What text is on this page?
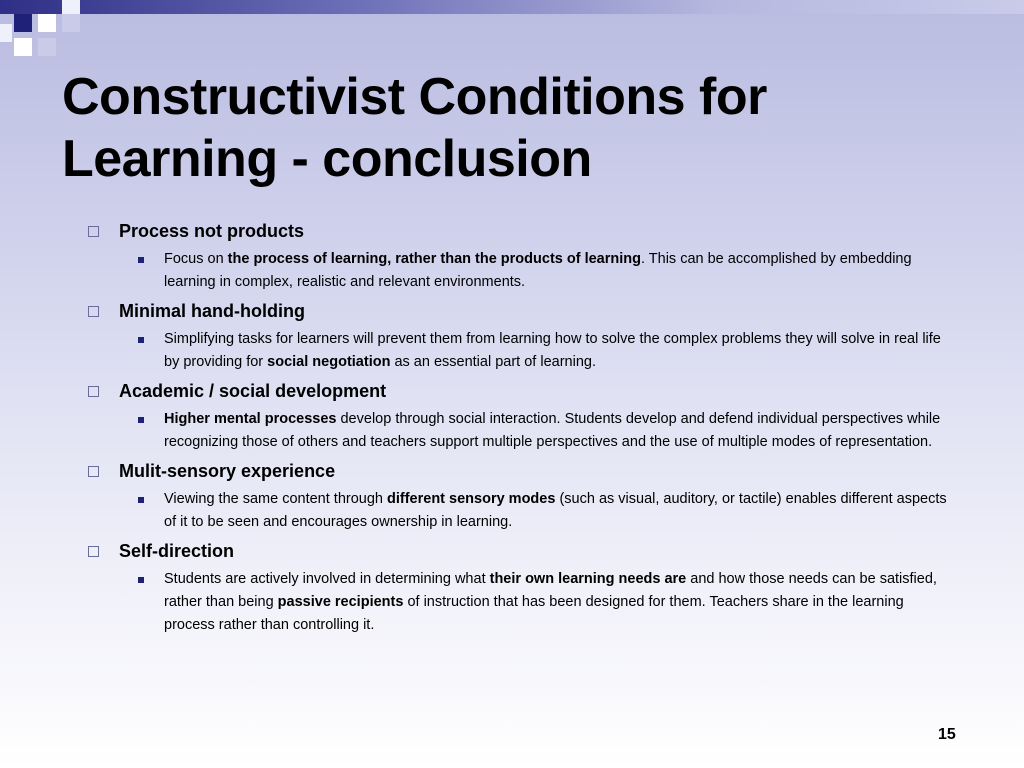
Constructivist Conditions for
Learning - conclusion
Process not products
Focus on the process of learning, rather than the products of learning. This can be accomplished by embedding learning in complex, realistic and relevant environments.
Minimal hand-holding
Simplifying tasks for learners will prevent them from learning how to solve the complex problems they will solve in real life by providing for social negotiation as an essential part of learning.
Academic / social development
Higher mental processes develop through social interaction. Students develop and defend individual perspectives while recognizing those of others and teachers support multiple perspectives and the use of multiple modes of representation.
Mulit-sensory experience
Viewing the same content through different sensory modes (such as visual, auditory, or tactile) enables different aspects of it to be seen and encourages ownership in learning.
Self-direction
Students are actively involved in determining what their own learning needs are and how those needs can be satisfied, rather than being passive recipients of instruction that has been designed for them. Teachers share in the learning process rather than controlling it.
15
